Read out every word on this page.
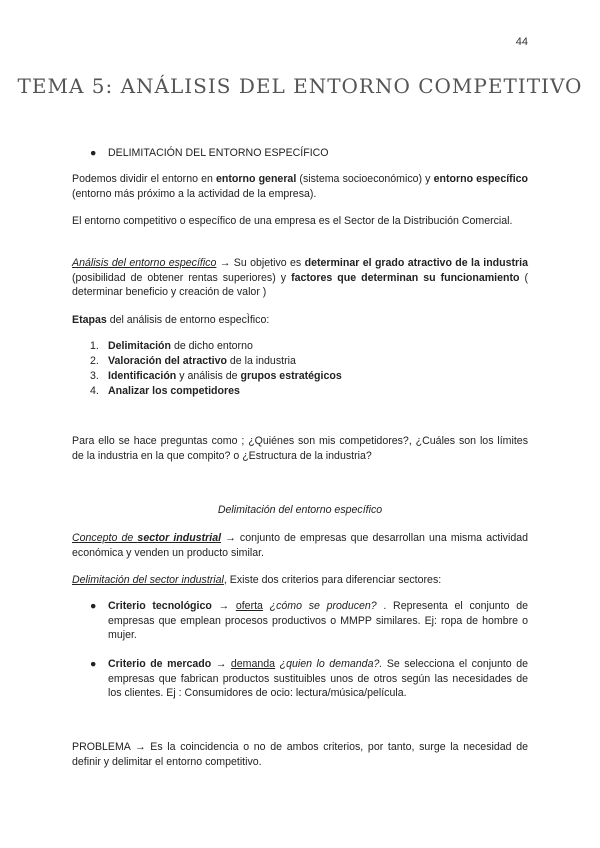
44
TEMA 5: ANÁLISIS DEL ENTORNO COMPETITIVO
● DELIMITACIÓN DEL ENTORNO ESPECÍFICO

Podemos dividir el entorno en entorno general (sistema socioeconómico) y entorno específico (entorno más próximo a la actividad de la empresa).

El entorno competitivo o específico de una empresa es el Sector de la Distribución Comercial.

Análisis del entorno específico → Su objetivo es determinar el grado atractivo de la industria (posibilidad de obtener rentas superiores) y factores que determinan su funcionamiento ( determinar beneficio y creación de valor )

Etapas del análisis de entorno especÌfico:

1. Delimitación de dicho entorno
2. Valoración del atractivo de la industria
3. Identificación y análisis de grupos estratégicos
4. Analizar los competidores

Para ello se hace preguntas como ; ¿Quiénes son mis competidores?, ¿Cuáles son los límites de la industria en la que compito? o ¿Estructura de la industria?

Delimitación del entorno específico

Concepto de sector industrial → conjunto de empresas que desarrollan una misma actividad económica y venden un producto similar.

Delimitación del sector industrial, Existe dos criterios para diferenciar sectores:

● Criterio tecnológico → oferta ¿cómo se producen? . Representa el conjunto de empresas que emplean procesos productivos o MMPP similares. Ej: ropa de hombre o mujer.
● Criterio de mercado → demanda ¿quien lo demanda?. Se selecciona el conjunto de empresas que fabrican productos sustituibles unos de otros según las necesidades de los clientes. Ej : Consumidores de ocio: lectura/música/película.

PROBLEMA → Es la coincidencia o no de ambos criterios, por tanto, surge la necesidad de definir y delimitar el entorno competitivo.
